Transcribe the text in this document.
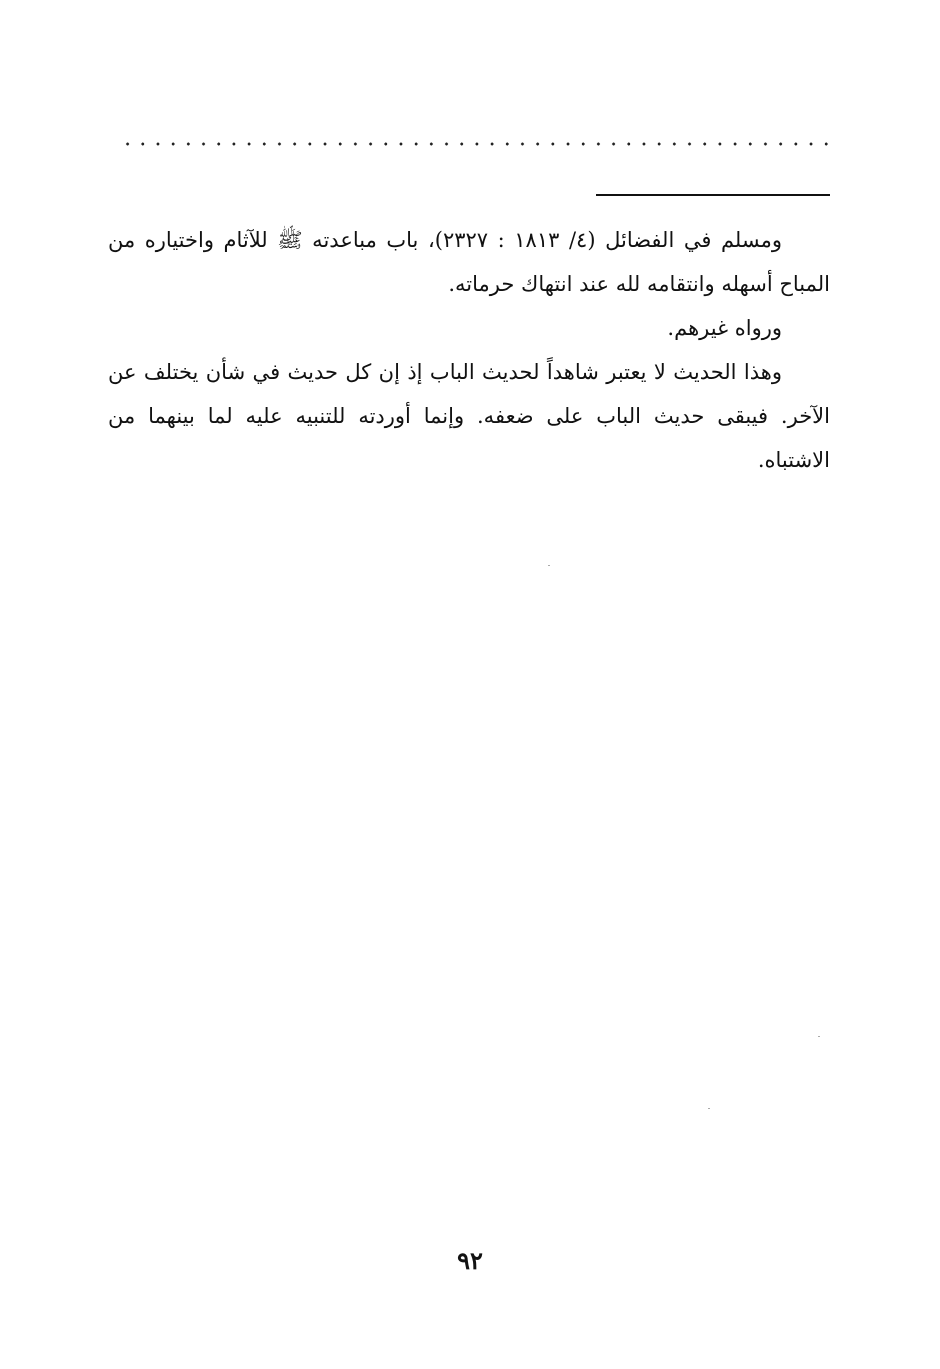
ومسلم في الفضائل (٤/ ١٨١٣ : ٢٣٢٧)، باب مباعدته ﷺ للآثام واختياره من المباح أسهله وانتقامه لله عند انتهاك حرماته.

ورواه غيرهم.

وهذا الحديث لا يعتبر شاهداً لحديث الباب إذ إن كل حديث في شأن يختلف عن الآخر. فيبقى حديث الباب على ضعفه. وإنما أوردته للتنبيه عليه لما بينهما من الاشتباه.

٩٢
